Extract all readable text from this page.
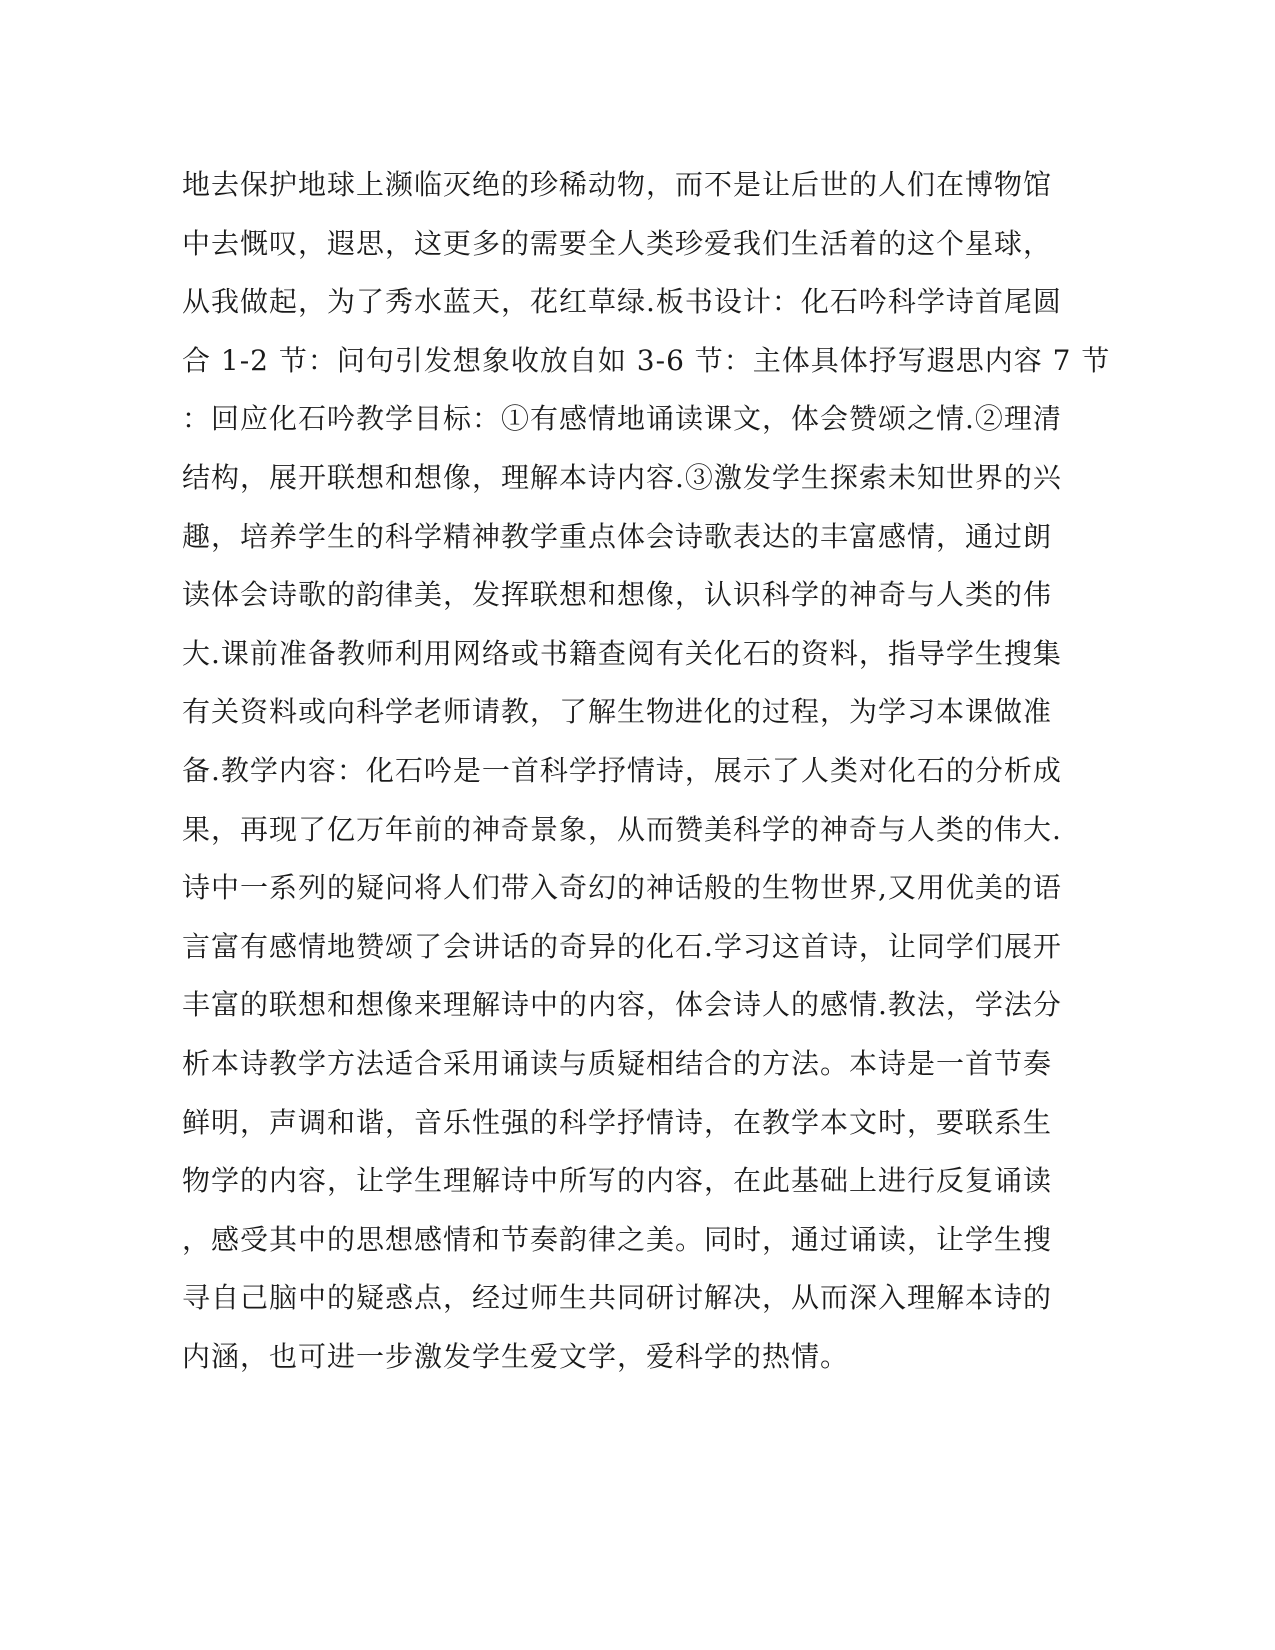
地去保护地球上濒临灭绝的珍稀动物，而不是让后世的人们在博物馆
中去慨叹，遐思，这更多的需要全人类珍爱我们生活着的这个星球，
从我做起，为了秀水蓝天，花红草绿.板书设计：化石吟科学诗首尾圆
合 1-2 节：问句引发想象收放自如 3-6 节：主体具体抒写遐思内容 7 节
：回应化石吟教学目标：①有感情地诵读课文，体会赞颂之情.②理清
结构，展开联想和想像，理解本诗内容.③激发学生探索未知世界的兴
趣，培养学生的科学精神教学重点体会诗歌表达的丰富感情，通过朗
读体会诗歌的韵律美，发挥联想和想像，认识科学的神奇与人类的伟
大.课前准备教师利用网络或书籍查阅有关化石的资料，指导学生搜集
有关资料或向科学老师请教，了解生物进化的过程，为学习本课做准
备.教学内容：化石吟是一首科学抒情诗，展示了人类对化石的分析成
果，再现了亿万年前的神奇景象，从而赞美科学的神奇与人类的伟大.
诗中一系列的疑问将人们带入奇幻的神话般的生物世界,又用优美的语
言富有感情地赞颂了会讲话的奇异的化石.学习这首诗，让同学们展开
丰富的联想和想像来理解诗中的内容，体会诗人的感情.教法，学法分
析本诗教学方法适合采用诵读与质疑相结合的方法。本诗是一首节奏
鲜明，声调和谐，音乐性强的科学抒情诗，在教学本文时，要联系生
物学的内容，让学生理解诗中所写的内容，在此基础上进行反复诵读
，感受其中的思想感情和节奏韵律之美。同时，通过诵读，让学生搜
寻自己脑中的疑惑点，经过师生共同研讨解决，从而深入理解本诗的
内涵，也可进一步激发学生爱文学，爱科学的热情。
